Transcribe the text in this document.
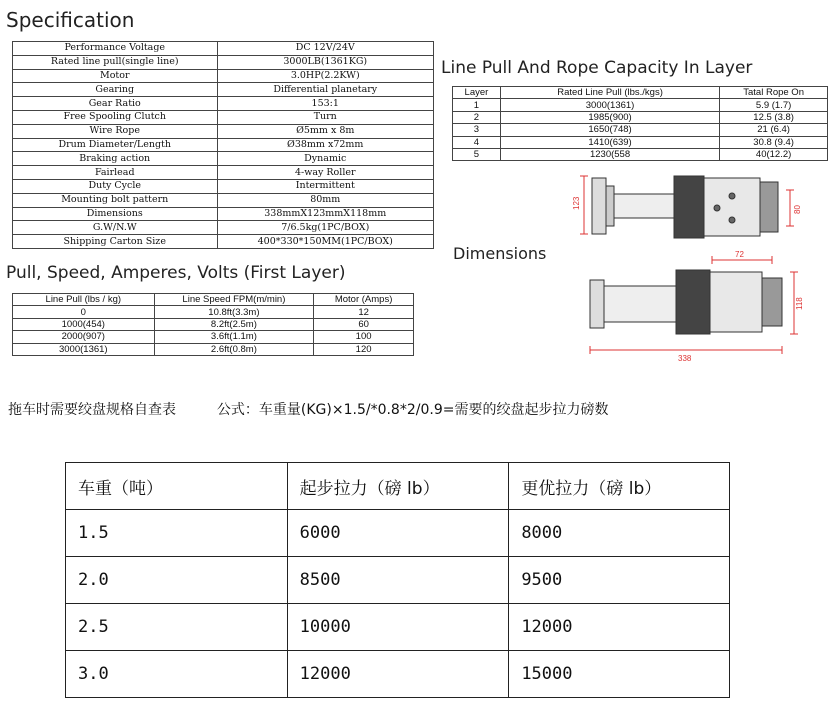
Specification
Performance Voltage	DC 12V/24V
Rated line pull(single line)	3000LB(1361KG)
Motor	3.0HP(2.2KW)
Gearing	Differential planetary
Gear Ratio	153:1
Free Spooling Clutch	Turn
Wire Rope	Ø5mm x 8m
Drum Diameter/Length	Ø38mm x72mm
Braking action	Dynamic
Fairlead	4-way Roller
Duty Cycle	Intermittent
Mounting bolt pattern	80mm
Dimensions	338mmX123mmX118mm
G.W/N.W	7/6.5kg(1PC/BOX)
Shipping Carton Size	400*330*150MM(1PC/BOX)
Line Pull And Rope Capacity In Layer
Layer	Rated Line Pull (lbs./kgs)	Tatal Rope On
1	3000(1361)	5.9 (1.7)
2	1985(900)	12.5 (3.8)
3	1650(748)	21 (6.4)
4	1410(639)	30.8 (9.4)
5	1230(558	40(12.2)
Dimensions
123	80
72
118
338
Pull, Speed, Amperes, Volts (First Layer)
Line Pull (lbs / kg)	Line Speed FPM(m/min)	Motor (Amps)
0	10.8ft(3.3m)	12
1000(454)	8.2ft(2.5m)	60
2000(907)	3.6ft(1.1m)	100
3000(1361)	2.6ft(0.8m)	120
拖车时需要绞盘规格自查表	公式：车重量(KG)×1.5/*0.8*2/0.9=需要的绞盘起步拉力磅数
车重（吨）	起步拉力（磅 lb）	更优拉力（磅 lb）
1.5	6000	8000
2.0	8500	9500
2.5	10000	12000
3.0	12000	15000
